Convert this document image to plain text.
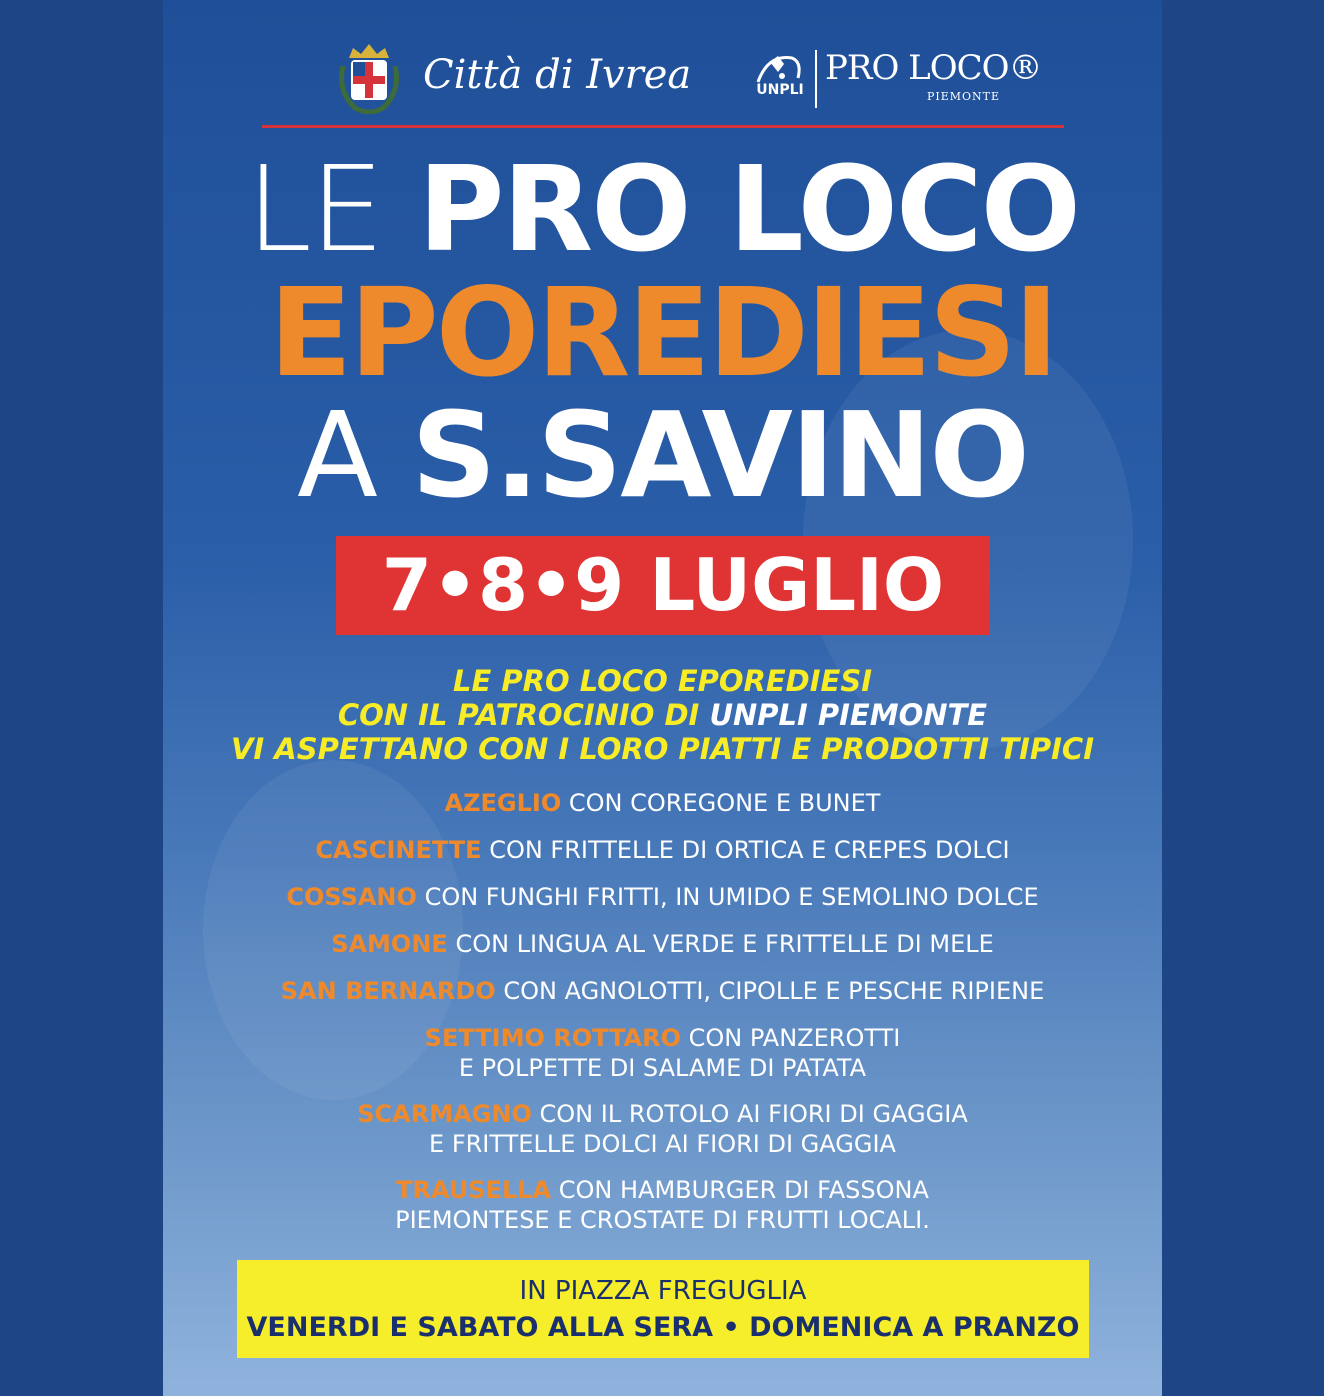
Città di Ivrea	UNPLI
PRO LOCO®
PIEMONTE
LE PRO LOCO
EPOREDIESI
A S.SAVINO
7•8•9 LUGLIO
LE PRO LOCO EPOREDIESI
CON IL PATROCINIO DI UNPLI PIEMONTE
VI ASPETTANO CON I LORO PIATTI E PRODOTTI TIPICI
AZEGLIO CON COREGONE E BUNET
CASCINETTE CON FRITTELLE DI ORTICA E CREPES DOLCI
COSSANO CON FUNGHI FRITTI, IN UMIDO E SEMOLINO DOLCE
SAMONE CON LINGUA AL VERDE E FRITTELLE DI MELE
SAN BERNARDO CON AGNOLOTTI, CIPOLLE E PESCHE RIPIENE
SETTIMO ROTTARO CON PANZEROTTI
E POLPETTE DI SALAME DI PATATA
SCARMAGNO CON IL ROTOLO AI FIORI DI GAGGIA
E FRITTELLE DOLCI AI FIORI DI GAGGIA
TRAUSELLA CON HAMBURGER DI FASSONA
PIEMONTESE E CROSTATE DI FRUTTI LOCALI.
IN PIAZZA FREGUGLIA
VENERDI E SABATO ALLA SERA • DOMENICA A PRANZO
